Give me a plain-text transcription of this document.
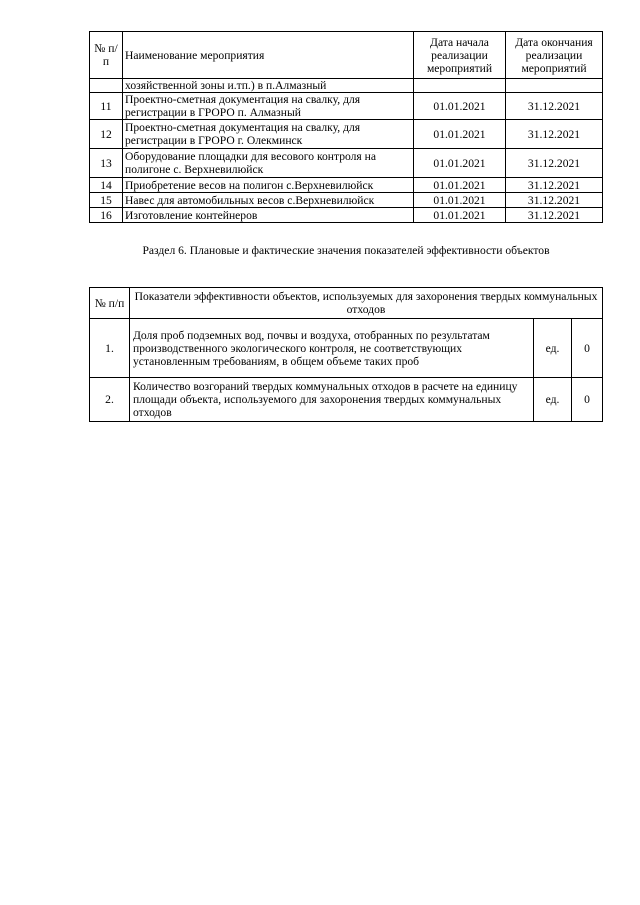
№ п/п	Наименование мероприятия	Дата начала реализации мероприятий	Дата окончания реализации мероприятий
	хозяйственной зоны и.тп.) в п.Алмазный		
11	Проектно-сметная документация на свалку, для регистрации в ГРОРО п. Алмазный	01.01.2021	31.12.2021
12	Проектно-сметная документация на свалку, для регистрации в ГРОРО г. Олекминск	01.01.2021	31.12.2021
13	Оборудование площадки для весового контроля на полигоне с. Верхневилюйск	01.01.2021	31.12.2021
14	Приобретение весов на полигон с.Верхневилюйск	01.01.2021	31.12.2021
15	Навес для автомобильных весов с.Верхневилюйск	01.01.2021	31.12.2021
16	Изготовление контейнеров	01.01.2021	31.12.2021
Раздел 6. Плановые и фактические значения показателей эффективности объектов
№ п/п	Показатели эффективности объектов, используемых для захоронения твердых коммунальных отходов		
1.	Доля проб подземных вод, почвы и воздуха, отобранных по результатам производственного экологического контроля, не соответствующих установленным требованиям, в общем объеме таких проб	ед.	0
2.	Количество возгораний твердых коммунальных отходов в расчете на единицу площади объекта, используемого для захоронения твердых коммунальных отходов	ед.	0
